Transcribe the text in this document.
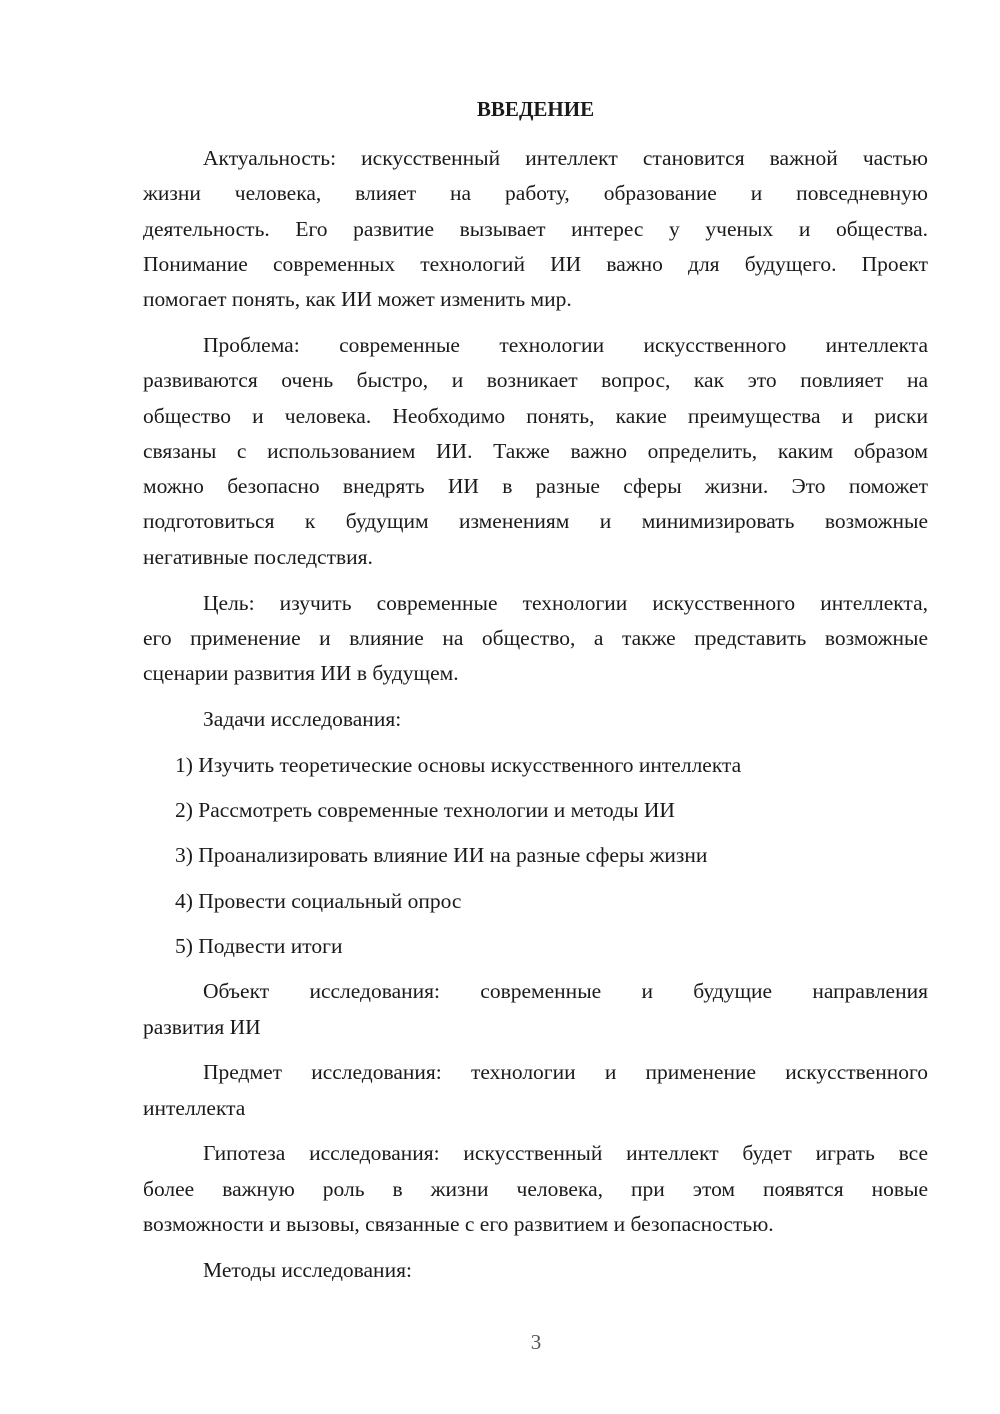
ВВЕДЕНИЕ
Актуальность: искусственный интеллект становится важной частью
жизни человека, влияет на работу, образование и повседневную
деятельность. Его развитие вызывает интерес у ученых и общества.
Понимание современных технологий ИИ важно для будущего. Проект
помогает понять, как ИИ может изменить мир.
Проблема: современные технологии искусственного интеллекта
развиваются очень быстро, и возникает вопрос, как это повлияет на
общество и человека. Необходимо понять, какие преимущества и риски
связаны с использованием ИИ. Также важно определить, каким образом
можно безопасно внедрять ИИ в разные сферы жизни. Это поможет
подготовиться к будущим изменениям и минимизировать возможные
негативные последствия.
Цель: изучить современные технологии искусственного интеллекта,
его применение и влияние на общество, а также представить возможные
сценарии развития ИИ в будущем.
Задачи исследования:
1) Изучить теоретические основы искусственного интеллекта
2) Рассмотреть современные технологии и методы ИИ
3) Проанализировать влияние ИИ на разные сферы жизни
4) Провести социальный опрос
5) Подвести итоги
Объект исследования: современные и будущие направления
развития ИИ
Предмет исследования: технологии и применение искусственного
интеллекта
Гипотеза исследования: искусственный интеллект будет играть все
более важную роль в жизни человека, при этом появятся новые
возможности и вызовы, связанные с его развитием и безопасностью.
Методы исследования:
3
